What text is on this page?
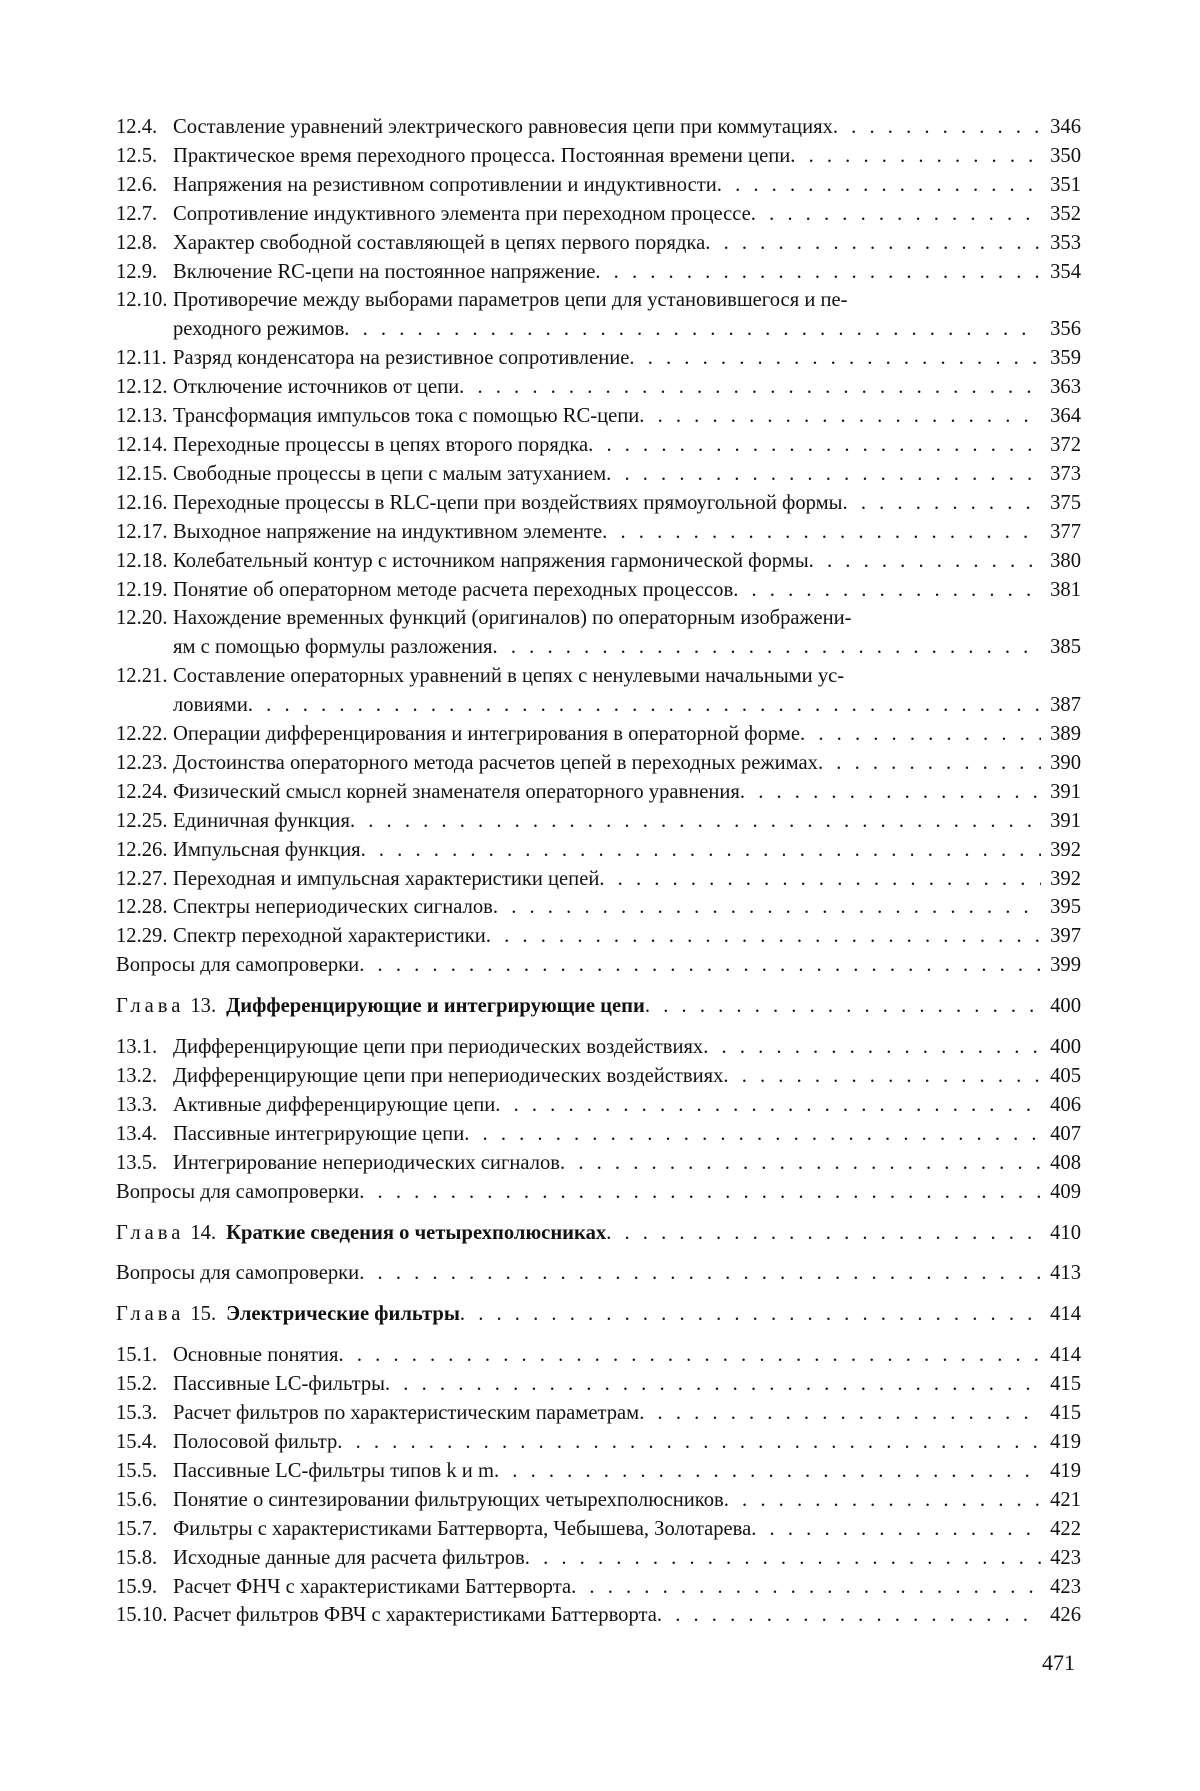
12.4. Составление уравнений электрического равновесия цепи при коммутациях . . .	346
12.5. Практическое время переходного процесса. Постоянная времени цепи . . .	350
12.6. Напряжения на резистивном сопротивлении и индуктивности . . .	351
12.7. Сопротивление индуктивного элемента при переходном процессе . . .	352
12.8. Характер свободной составляющей в цепях первого порядка . . .	353
12.9. Включение RC-цепи на постоянное напряжение . . .	354
12.10. Противоречие между выборами параметров цепи для установившегося и пе-
реходного режимов . . .	356
12.11. Разряд конденсатора на резистивное сопротивление . . .	359
12.12. Отключение источников от цепи . . .	363
12.13. Трансформация импульсов тока с помощью RC-цепи . . .	364
12.14. Переходные процессы в цепях второго порядка . . .	372
12.15. Свободные процессы в цепи с малым затуханием . . .	373
12.16. Переходные процессы в RLC-цепи при воздействиях прямоугольной формы . . .	375
12.17. Выходное напряжение на индуктивном элементе . . .	377
12.18. Колебательный контур с источником напряжения гармонической формы . . .	380
12.19. Понятие об операторном методе расчета переходных процессов . . .	381
12.20. Нахождение временных функций (оригиналов) по операторным изображени-
ям с помощью формулы разложения . . .	385
12.21. Составление операторных уравнений в цепях с ненулевыми начальными ус-
ловиями . . .	387
12.22. Операции дифференцирования и интегрирования в операторной форме . . .	389
12.23. Достоинства операторного метода расчетов цепей в переходных режимах . . .	390
12.24. Физический смысл корней знаменателя операторного уравнения . . .	391
12.25. Единичная функция . . .	391
12.26. Импульсная функция . . .	392
12.27. Переходная и импульсная характеристики цепей . . .	392
12.28. Спектры непериодических сигналов . . .	395
12.29. Спектр переходной характеристики . . .	397
Вопросы для самопроверки . . .	399
Глава 13. Дифференцирующие и интегрирующие цепи . . .	400
13.1. Дифференцирующие цепи при периодических воздействиях . . .	400
13.2. Дифференцирующие цепи при непериодических воздействиях . . .	405
13.3. Активные дифференцирующие цепи . . .	406
13.4. Пассивные интегрирующие цепи . . .	407
13.5. Интегрирование непериодических сигналов . . .	408
Вопросы для самопроверки . . .	409
Глава 14. Краткие сведения о четырехполюсниках . . .	410
Вопросы для самопроверки . . .	413
Глава 15. Электрические фильтры . . .	414
15.1. Основные понятия . . .	414
15.2. Пассивные LC-фильтры . . .	415
15.3. Расчет фильтров по характеристическим параметрам . . .	415
15.4. Полосовой фильтр . . .	419
15.5. Пассивные LC-фильтры типов k и m . . .	419
15.6. Понятие о синтезировании фильтрующих четырехполюсников . . .	421
15.7. Фильтры с характеристиками Баттерворта, Чебышева, Золотарева . . .	422
15.8. Исходные данные для расчета фильтров . . .	423
15.9. Расчет ФНЧ с характеристиками Баттерворта . . .	423
15.10. Расчет фильтров ФВЧ с характеристиками Баттерворта . . .	426
471
